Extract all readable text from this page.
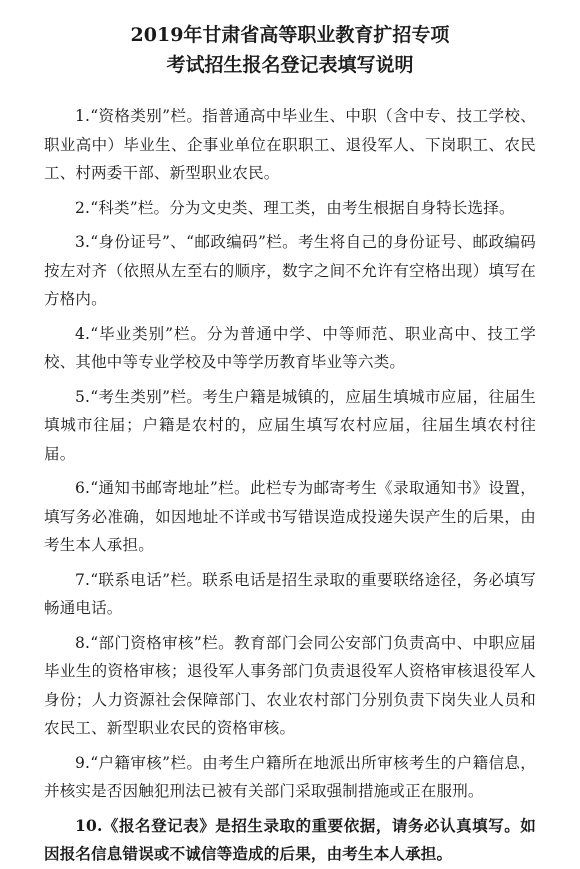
2019年甘肃省高等职业教育扩招专项
考试招生报名登记表填写说明

1.“资格类别”栏。指普通高中毕业生、中职（含中专、技工学校、职业高中）毕业生、企事业单位在职职工、退役军人、下岗职工、农民工、村两委干部、新型职业农民。

2.“科类”栏。分为文史类、理工类，由考生根据自身特长选择。

3.“身份证号”、“邮政编码”栏。考生将自己的身份证号、邮政编码按左对齐（依照从左至右的顺序，数字之间不允许有空格出现）填写在方格内。

4.“毕业类别”栏。分为普通中学、中等师范、职业高中、技工学校、其他中等专业学校及中等学历教育毕业等六类。

5.“考生类别”栏。考生户籍是城镇的，应届生填城市应届，往届生填城市往届；户籍是农村的，应届生填写农村应届，往届生填农村往届。

6.“通知书邮寄地址”栏。此栏专为邮寄考生《录取通知书》设置，填写务必准确，如因地址不详或书写错误造成投递失误产生的后果，由考生本人承担。

7.“联系电话”栏。联系电话是招生录取的重要联络途径，务必填写畅通电话。

8.“部门资格审核”栏。教育部门会同公安部门负责高中、中职应届毕业生的资格审核；退役军人事务部门负责退役军人资格审核退役军人身份；人力资源社会保障部门、农业农村部门分别负责下岗失业人员和农民工、新型职业农民的资格审核。

9.“户籍审核”栏。由考生户籍所在地派出所审核考生的户籍信息，并核实是否因触犯刑法已被有关部门采取强制措施或正在服刑。

10.《报名登记表》是招生录取的重要依据，请务必认真填写。如因报名信息错误或不诚信等造成的后果，由考生本人承担。
